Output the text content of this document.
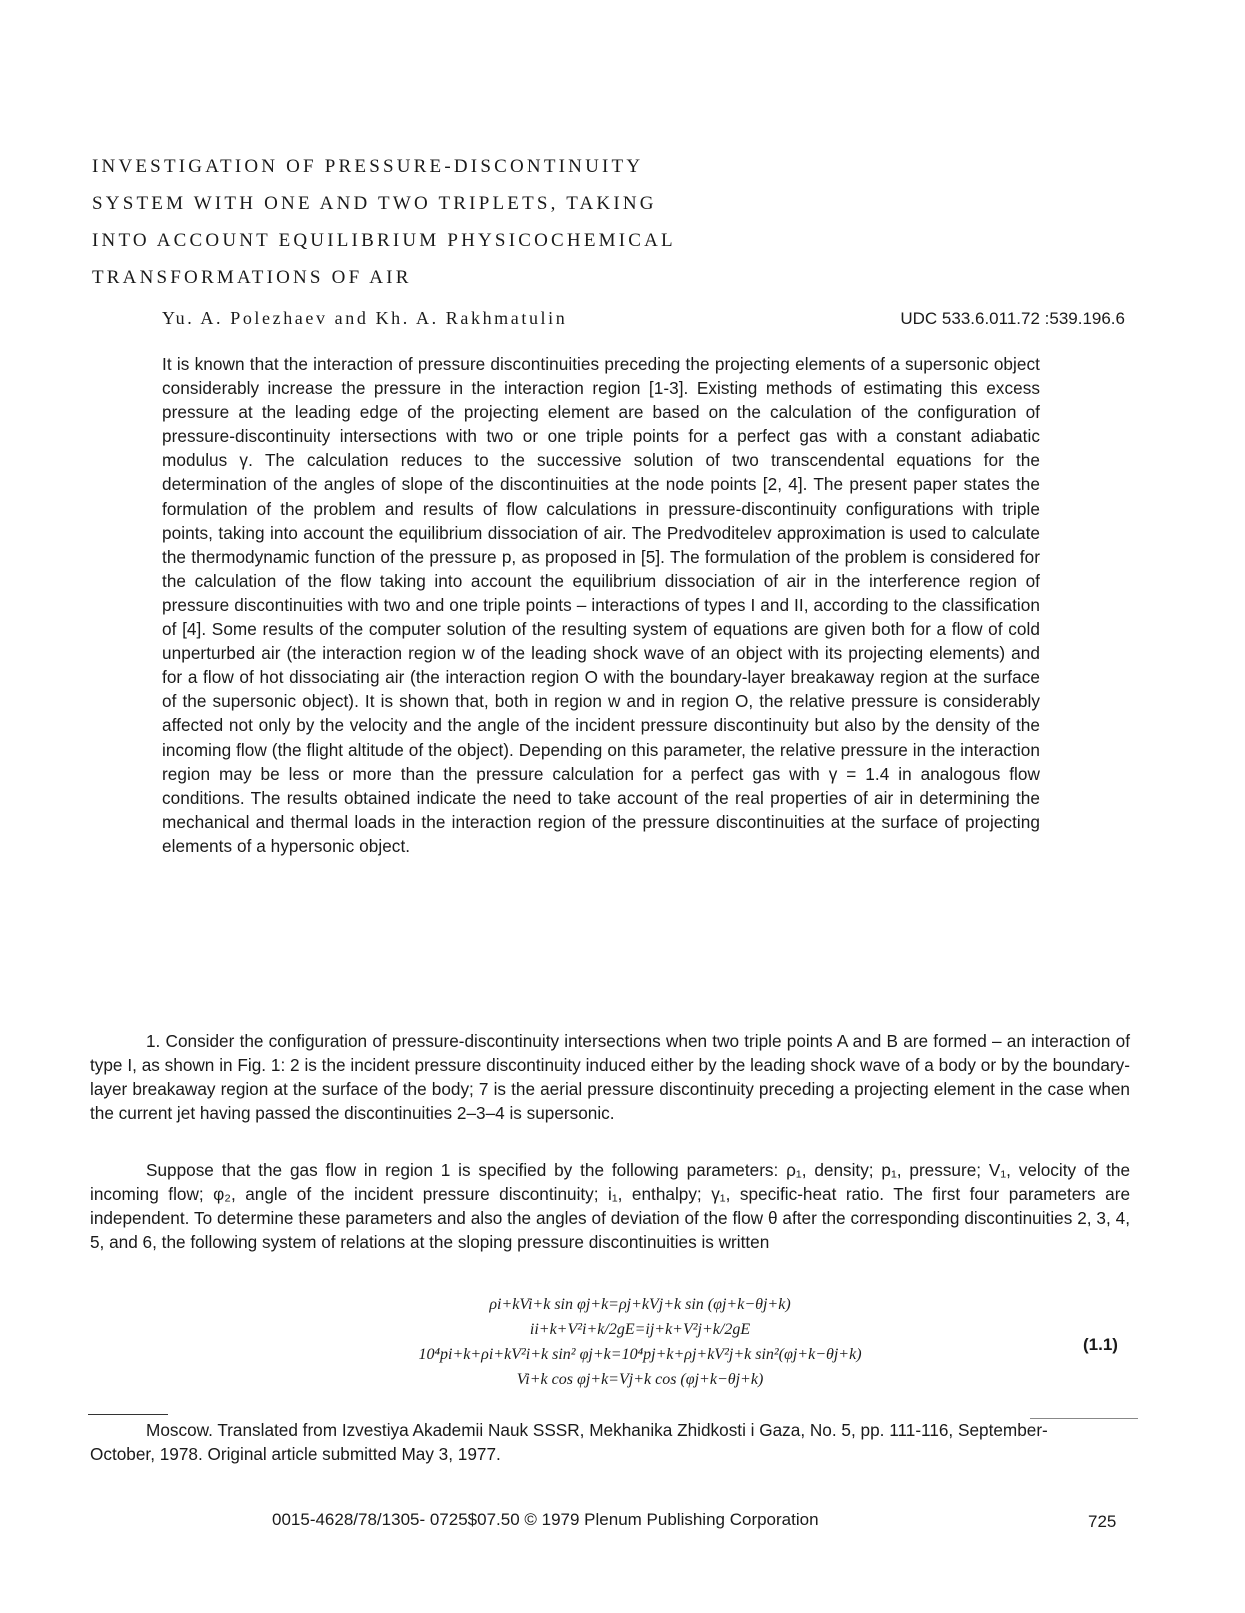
INVESTIGATION OF PRESSURE-DISCONTINUITY
SYSTEM WITH ONE AND TWO TRIPLETS, TAKING
INTO ACCOUNT EQUILIBRIUM PHYSICOCHEMICAL
TRANSFORMATIONS OF AIR
Yu. A. Polezhaev and Kh. A. Rakhmatulin	UDC 533.6.011.72 :539.196.6
It is known that the interaction of pressure discontinuities preceding the projecting elements of a supersonic object considerably increase the pressure in the interaction region [1-3]. Existing methods of estimating this excess pressure at the leading edge of the projecting element are based on the calculation of the configuration of pressure-discontinuity intersections with two or one triple points for a perfect gas with a constant adiabatic modulus γ. The calculation reduces to the successive solution of two transcendental equations for the determination of the angles of slope of the discontinuities at the node points [2, 4]. The present paper states the formulation of the problem and results of flow calculations in pressure-discontinuity configurations with triple points, taking into account the equilibrium dissociation of air. The Predvoditelev approximation is used to calculate the thermodynamic function of the pressure p, as proposed in [5]. The formulation of the problem is considered for the calculation of the flow taking into account the equilibrium dissociation of air in the interference region of pressure discontinuities with two and one triple points – interactions of types I and II, according to the classification of [4]. Some results of the computer solution of the resulting system of equations are given both for a flow of cold unperturbed air (the interaction region w of the leading shock wave of an object with its projecting elements) and for a flow of hot dissociating air (the interaction region O with the boundary-layer breakaway region at the surface of the supersonic object). It is shown that, both in region w and in region O, the relative pressure is considerably affected not only by the velocity and the angle of the incident pressure discontinuity but also by the density of the incoming flow (the flight altitude of the object). Depending on this parameter, the relative pressure in the interaction region may be less or more than the pressure calculation for a perfect gas with γ = 1.4 in analogous flow conditions. The results obtained indicate the need to take account of the real properties of air in determining the mechanical and thermal loads in the interaction region of the pressure discontinuities at the surface of projecting elements of a hypersonic object.
1. Consider the configuration of pressure-discontinuity intersections when two triple points A and B are formed – an interaction of type I, as shown in Fig. 1: 2 is the incident pressure discontinuity induced either by the leading shock wave of a body or by the boundary-layer breakaway region at the surface of the body; 7 is the aerial pressure discontinuity preceding a projecting element in the case when the current jet having passed the discontinuities 2–3–4 is supersonic.
Suppose that the gas flow in region 1 is specified by the following parameters: ρ₁, density; p₁, pressure; V₁, velocity of the incoming flow; φ₂, angle of the incident pressure discontinuity; i₁, enthalpy; γ₁, specific-heat ratio. The first four parameters are independent. To determine these parameters and also the angles of deviation of the flow θ after the corresponding discontinuities 2, 3, 4, 5, and 6, the following system of relations at the sloping pressure discontinuities is written
ρi+kVi+k sin φj+k=ρj+kVj+k sin (φj+k−θj+k)
ii+k+V²i+k/2gE=ij+k+V²j+k/2gE
10⁴pi+k+ρi+kV²i+k sin² φj+k=10⁴pj+k+ρj+kV²j+k sin²(φj+k−θj+k)
Vi+k cos φj+k=Vj+k cos (φj+k−θj+k)
(1.1)
Moscow. Translated from Izvestiya Akademii Nauk SSSR, Mekhanika Zhidkosti i Gaza, No. 5, pp. 111-116, September-October, 1978. Original article submitted May 3, 1977.
0015-4628/78/1305- 0725$07.50 © 1979 Plenum Publishing Corporation	725
